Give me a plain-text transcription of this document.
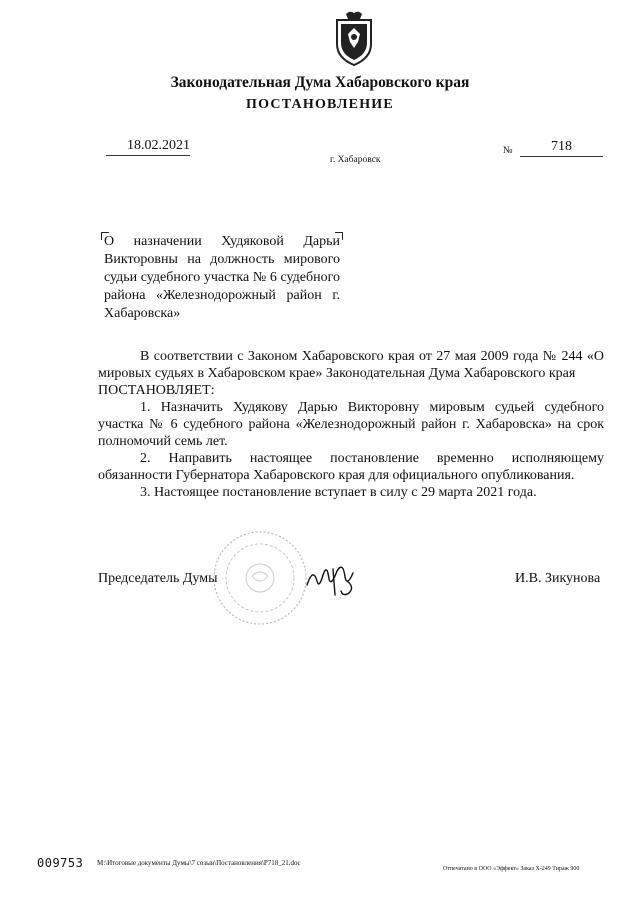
Законодательная Дума Хабаровского края
ПОСТАНОВЛЕНИЕ
18.02.2021
г. Хабаровск
№	718
О назначении Худяковой Дарьи Викторовны на должность мирового судьи судебного участка № 6 судебного района «Железнодорожный район г. Хабаровска»

В соответствии с Законом Хабаровского края от 27 мая 2009 года № 244 «О мировых судьях в Хабаровском крае» Законодательная Дума Хабаровского края

ПОСТАНОВЛЯЕТ:

1. Назначить Худякову Дарью Викторовну мировым судьей судебного участка № 6 судебного района «Железнодорожный район г. Хабаровска» на срок полномочий семь лет.

2. Направить настоящее постановление временно исполняющему обязанности Губернатора Хабаровского края для официального опубликования.

3. Настоящее постановление вступает в силу с 29 марта 2021 года.

Председатель Думы	И.В. Зикунова
009753 М:\Итоговые документы Думы\7 созыв\Постановления\Р718_21.doc
Отпечатано в ООО «Эффект» Заказ Х-249 Тираж 900
